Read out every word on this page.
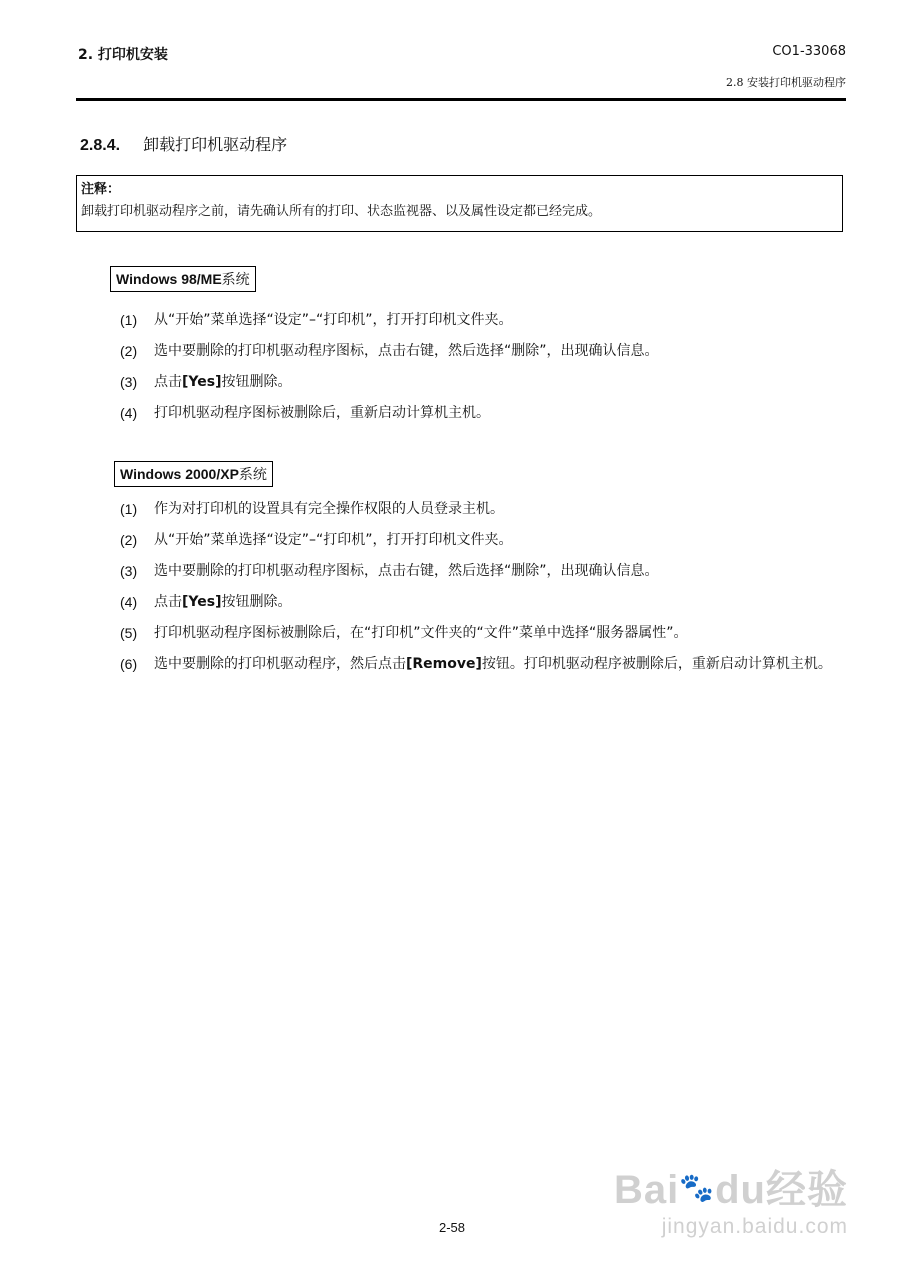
2. 打印机安装	CO1-33068
2.8 安装打印机驱动程序
2.8.4. 卸载打印机驱动程序
注释：
卸载打印机驱动程序之前，请先确认所有的打印、状态监视器、以及属性设定都已经完成。
Windows 98/ME系统
(1) 从“开始”菜单选择“设定”–“打印机”，打开打印机文件夹。
(2) 选中要删除的打印机驱动程序图标，点击右键，然后选择“删除”，出现确认信息。
(3) 点击[Yes]按钮删除。
(4) 打印机驱动程序图标被删除后，重新启动计算机主机。
Windows 2000/XP系统
(1) 作为对打印机的设置具有完全操作权限的人员登录主机。
(2) 从“开始”菜单选择“设定”–“打印机”，打开打印机文件夹。
(3) 选中要删除的打印机驱动程序图标，点击右键，然后选择“删除”，出现确认信息。
(4) 点击[Yes]按钮删除。
(5) 打印机驱动程序图标被删除后，在“打印机”文件夹的“文件”菜单中选择“服务器属性”。
(6) 选中要删除的打印机驱动程序，然后点击[Remove]按钮。打印机驱动程序被删除后，重新启动计算机主机。
Bai🐾du经验
jingyan.baidu.com
2-58
